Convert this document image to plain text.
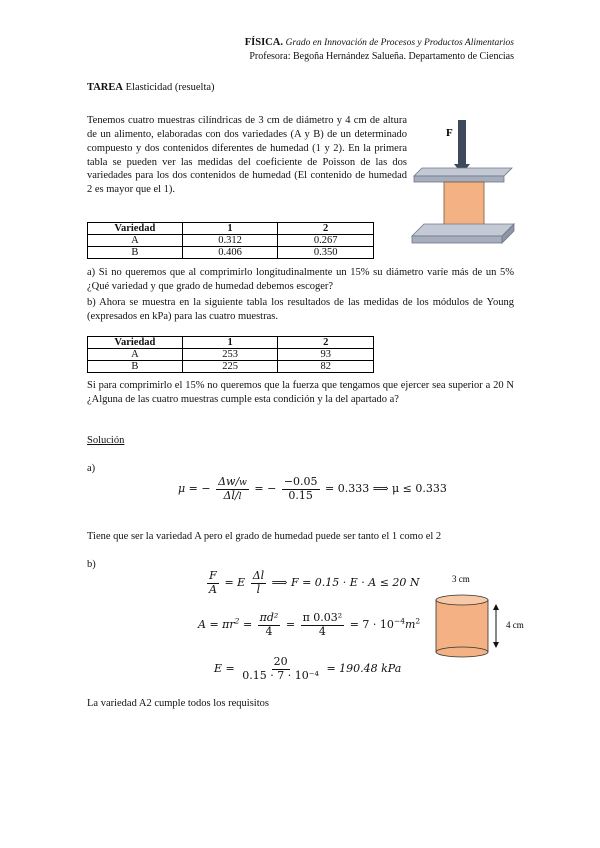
FÍSICA. Grado en Innovación de Procesos y Productos Alimentarios
Profesora: Begoña Hernández Salueña. Departamento de Ciencias
TAREA Elasticidad (resuelta)
Tenemos cuatro muestras cilíndricas de 3 cm de diámetro y 4 cm de altura de un alimento, elaboradas con dos variedades (A y B) de un determinado compuesto y dos contenidos diferentes de humedad (1 y 2). En la primera tabla se pueden ver las medidas del coeficiente de Poisson de las dos variedades para los dos contenidos de humedad (El contenido de humedad 2 es mayor que el 1).
F
Variedad	1	2
A	0.312	0.267
B	0.406	0.350
a) Si no queremos que al comprimirlo longitudinalmente un 15% su diámetro varíe más de un 5% ¿Qué variedad y que grado de humedad debemos escoger?
b) Ahora se muestra en la siguiente tabla los resultados de las medidas de los módulos de Young (expresados en kPa) para las cuatro muestras.
Variedad	1	2
A	253	93
B	225	82
Si para comprimirlo el 15% no queremos que la fuerza que tengamos que ejercer sea superior a 20 N ¿Alguna de las cuatro muestras cumple esta condición y la del apartado a?
Solución
a)
μ = − $\frac{\Delta w/w}{\Delta l/l}$ = − $\frac{-0.05}{0.15} = 0.333$ ⟹ μ ≤ 0.333
Tiene que ser la variedad A pero el grado de humedad puede ser tanto el 1 como el 2
b)
$\frac{F}{A} = E \frac{\Delta l}{l}$ ⟹ F = 0.15 · E · A ≤ 20 N
$A = \pi r^2 = \frac{\text{πd²}}{4} = \frac{\text{π 0.03²}}{4} = 7 \cdot 10^{-4}m^2$
$E = \frac{20}{\text{0.15 · 7 · 10⁻⁴}} = 190.48$ kPa
3 cm
4 cm
La variedad A2 cumple todos los requisitos
